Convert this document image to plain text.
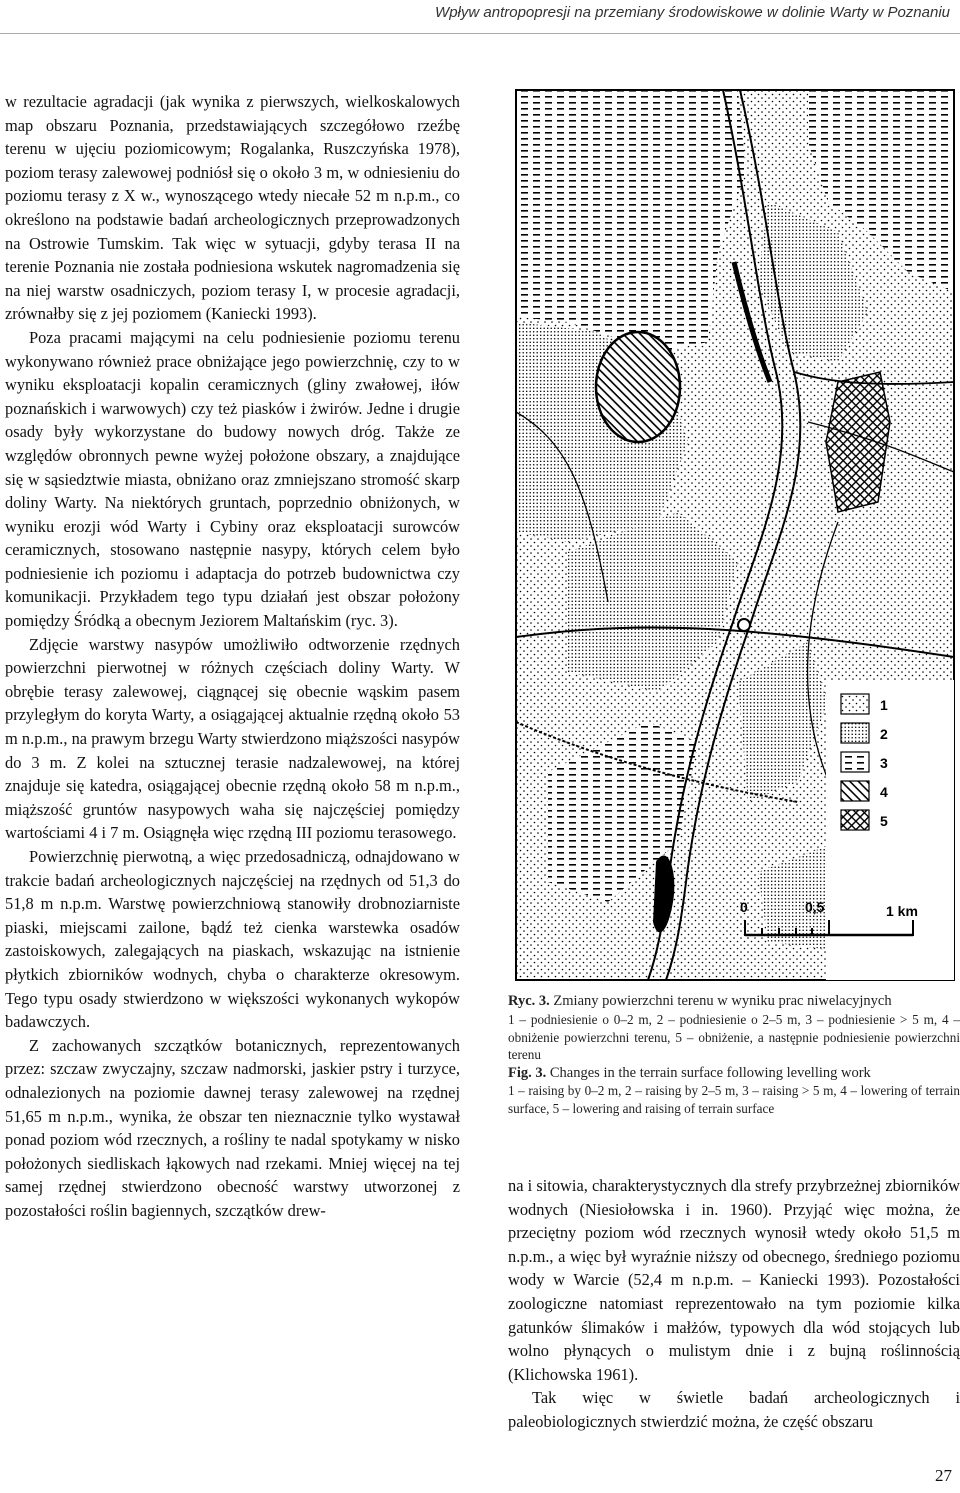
Wpływ antropopresji na przemiany środowiskowe w dolinie Warty w Poznaniu

w rezultacie agradacji (jak wynika z pierwszych, wielkoskalowych map obszaru Poznania, przedstawiających szczegółowo rzeźbę terenu w ujęciu poziomicowym; Rogalanka, Ruszczyńska 1978), poziom terasy zalewowej podniósł się o około 3 m, w odniesieniu do poziomu terasy z X w., wynoszącego wtedy niecałe 52 m n.p.m., co określono na podstawie badań archeologicznych przeprowadzonych na Ostrowie Tumskim. Tak więc w sytuacji, gdyby terasa II na terenie Poznania nie została podniesiona wskutek nagromadzenia się na niej warstw osadniczych, poziom terasy I, w procesie agradacji, zrównałby się z jej poziomem (Kaniecki 1993).

Poza pracami mającymi na celu podniesienie poziomu terenu wykonywano również prace obniżające jego powierzchnię, czy to w wyniku eksploatacji kopalin ceramicznych (gliny zwałowej, iłów poznańskich i warwowych) czy też piasków i żwirów. Jedne i drugie osady były wykorzystane do budowy nowych dróg. Także ze względów obronnych pewne wyżej położone obszary, a znajdujące się w sąsiedztwie miasta, obniżano oraz zmniejszano stromość skarp doliny Warty. Na niektórych gruntach, poprzednio obniżonych, w wyniku erozji wód Warty i Cybiny oraz eksploatacji surowców ceramicznych, stosowano następnie nasypy, których celem było podniesienie ich poziomu i adaptacja do potrzeb budownictwa czy komunikacji. Przykładem tego typu działań jest obszar położony pomiędzy Śródką a obecnym Jeziorem Maltańskim (ryc. 3).

Zdjęcie warstwy nasypów umożliwiło odtworzenie rzędnych powierzchni pierwotnej w różnych częściach doliny Warty. W obrębie terasy zalewowej, ciągnącej się obecnie wąskim pasem przyległym do koryta Warty, a osiągającej aktualnie rzędną około 53 m n.p.m., na prawym brzegu Warty stwierdzono miąższości nasypów do 3 m. Z kolei na sztucznej terasie nadzalewowej, na której znajduje się katedra, osiągającej obecnie rzędną około 58 m n.p.m., miąższość gruntów nasypowych waha się najczęściej pomiędzy wartościami 4 i 7 m. Osiągnęła więc rzędną III poziomu terasowego.

Powierzchnię pierwotną, a więc przedosadniczą, odnajdowano w trakcie badań archeologicznych najczęściej na rzędnych od 51,3 do 51,8 m n.p.m. Warstwę powierzchniową stanowiły drobnoziarniste piaski, miejscami zailone, bądź też cienka warstewka osadów zastoiskowych, zalegających na piaskach, wskazując na istnienie płytkich zbiorników wodnych, chyba o charakterze okresowym. Tego typu osady stwierdzono w większości wykonanych wykopów badawczych.

Z zachowanych szczątków botanicznych, reprezentowanych przez: szczaw zwyczajny, szczaw nadmorski, jaskier pstry i turzyce, odnalezionych na poziomie dawnej terasy zalewowej na rzędnej 51,65 m n.p.m., wynika, że obszar ten nieznacznie tylko wystawał ponad poziom wód rzecznych, a rośliny te nadal spotykamy w nisko położonych siedliskach łąkowych nad rzekami. Mniej więcej na tej samej rzędnej stwierdzono obecność warstwy utworzonej z pozostałości roślin bagiennych, szczątków drew-

1
2
3
4
5
0	0,5	1 km
Ryc. 3. Zmiany powierzchni terenu w wyniku prac niwelacyjnych
1 – podniesienie o 0–2 m, 2 – podniesienie o 2–5 m, 3 – podniesienie > 5 m, 4 – obniżenie powierzchni terenu, 5 – obniżenie, a następnie podniesienie powierzchni terenu
Fig. 3. Changes in the terrain surface following levelling work
1 – raising by 0–2 m, 2 – raising by 2–5 m, 3 – raising > 5 m, 4 – lowering of terrain surface, 5 – lowering and raising of terrain surface

na i sitowia, charakterystycznych dla strefy przybrzeżnej zbiorników wodnych (Niesiołowska i in. 1960). Przyjąć więc można, że przeciętny poziom wód rzecznych wynosił wtedy około 51,5 m n.p.m., a więc był wyraźnie niższy od obecnego, średniego poziomu wody w Warcie (52,4 m n.p.m. – Kaniecki 1993). Pozostałości zoologiczne natomiast reprezentowało na tym poziomie kilka gatunków ślimaków i małżów, typowych dla wód stojących lub wolno płynących o mulistym dnie i z bujną roślinnością (Klichowska 1961).

Tak więc w świetle badań archeologicznych i paleobiologicznych stwierdzić można, że część obszaru

27
